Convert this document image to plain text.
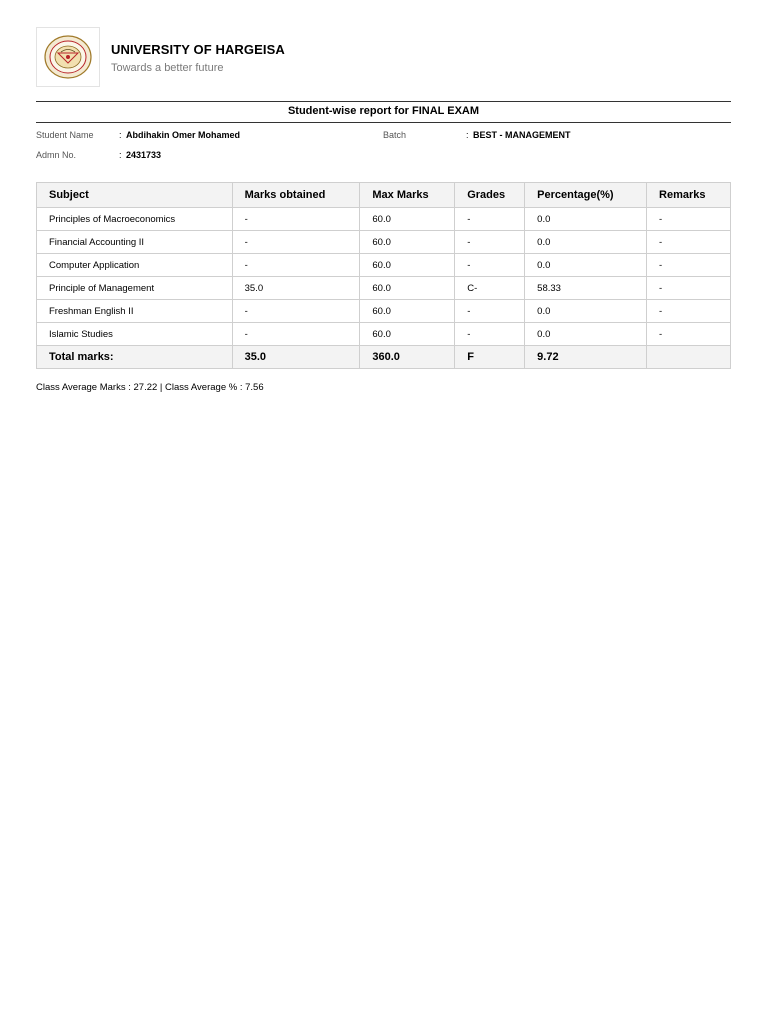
UNIVERSITY OF HARGEISA
Towards a better future
Student-wise report for FINAL EXAM
Student Name	: Abdihakin Omer Mohamed	Batch	: BEST - MANAGEMENT
Admn No.	: 2431733
Subject	Marks obtained	Max Marks	Grades	Percentage(%)	Remarks
Principles of Macroeconomics	-	60.0	-	0.0	-
Financial Accounting II	-	60.0	-	0.0	-
Computer Application	-	60.0	-	0.0	-
Principle of Management	35.0	60.0	C-	58.33	-
Freshman English II	-	60.0	-	0.0	-
Islamic Studies	-	60.0	-	0.0	-
Total marks:	35.0	360.0	F	9.72	
Class Average Marks : 27.22 | Class Average % : 7.56
